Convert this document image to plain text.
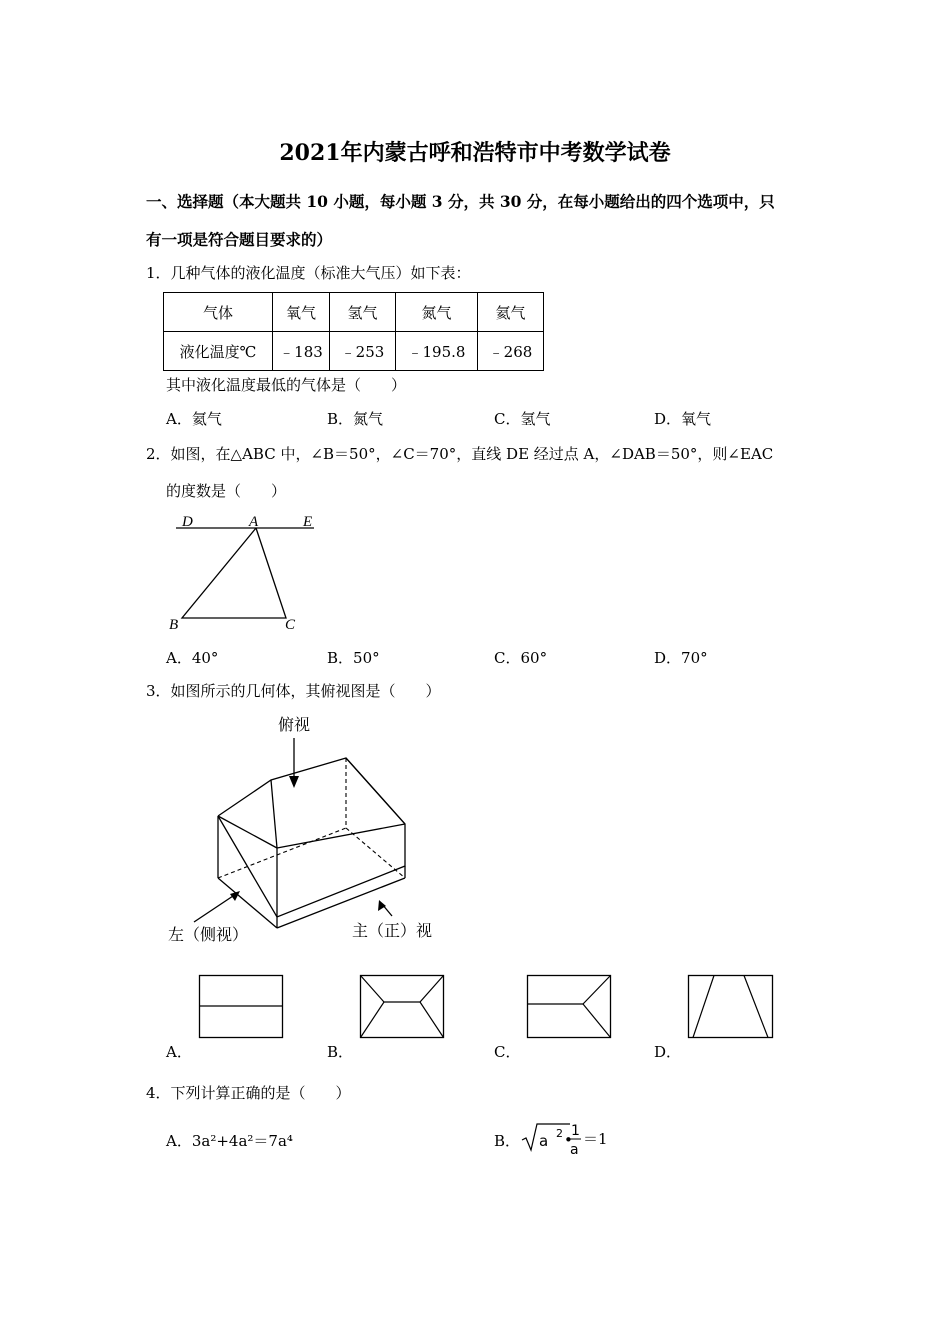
2021年内蒙古呼和浩特市中考数学试卷
一、选择题（本大题共 10 小题，每小题 3 分，共 30 分，在每小题给出的四个选项中，只
有一项是符合题目要求的）
1．几种气体的液化温度（标准大气压）如下表：
气体	氧气	氢气	氮气	氦气
液化温度℃	﹣183	﹣253	﹣195.8	﹣268
其中液化温度最低的气体是（　　）
A．氦气	B．氮气	C．氢气	D．氧气
2．如图，在△ABC 中，∠B＝50°，∠C＝70°，直线 DE 经过点 A，∠DAB＝50°，则∠EAC
的度数是（　　）
D	A	E
B	C
A．40°	B．50°	C．60°	D．70°
3．如图所示的几何体，其俯视图是（　　）
俯视
左（侧视）	主（正）视
A．	B．	C．	D．
4．下列计算正确的是（　　）
A．3a²+4a²＝7a⁴	B． a 2 •
1
a
＝1
